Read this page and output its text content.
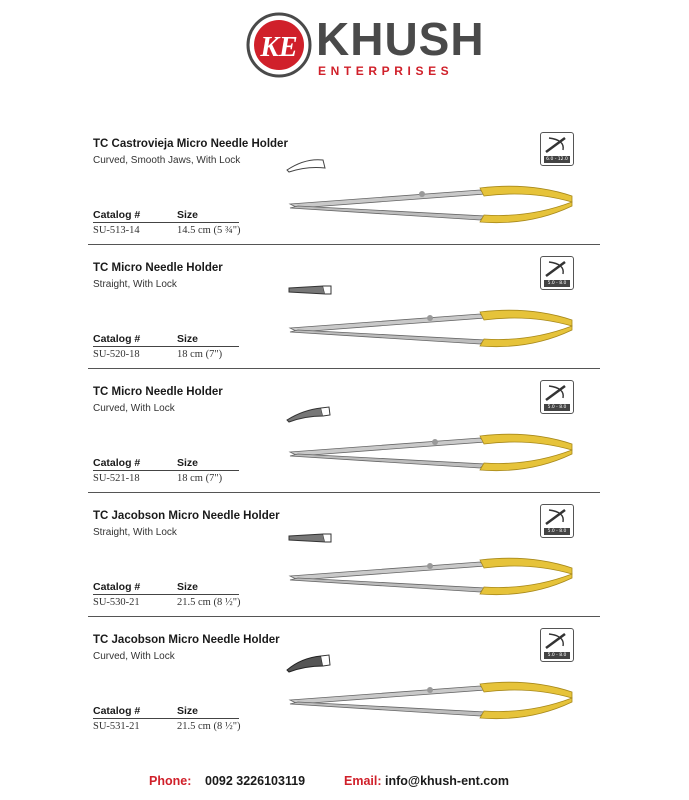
KE KHUSH
ENTERPRISES
TC Castrovieja Micro Needle Holder
Curved, Smooth Jaws, With Lock	6.0 - 12.0
Catalog #	Size
SU-513-14	14.5 cm (5 ¾")
TC Micro Needle Holder
Straight, With Lock	5.0 - 8.0
Catalog #	Size
SU-520-18	18 cm (7")
TC Micro Needle Holder
Curved, With Lock	5.0 - 8.0
Catalog #	Size
SU-521-18	18 cm (7")
TC Jacobson Micro Needle Holder
Straight, With Lock	5.0 - 8.0
Catalog #	Size
SU-530-21	21.5 cm (8 ½")
TC Jacobson Micro Needle Holder
Curved, With Lock	5.0 - 8.0
Catalog #	Size
SU-531-21	21.5 cm (8 ½")
Phone: 0092 3226103119	Email: info@khush-ent.com
